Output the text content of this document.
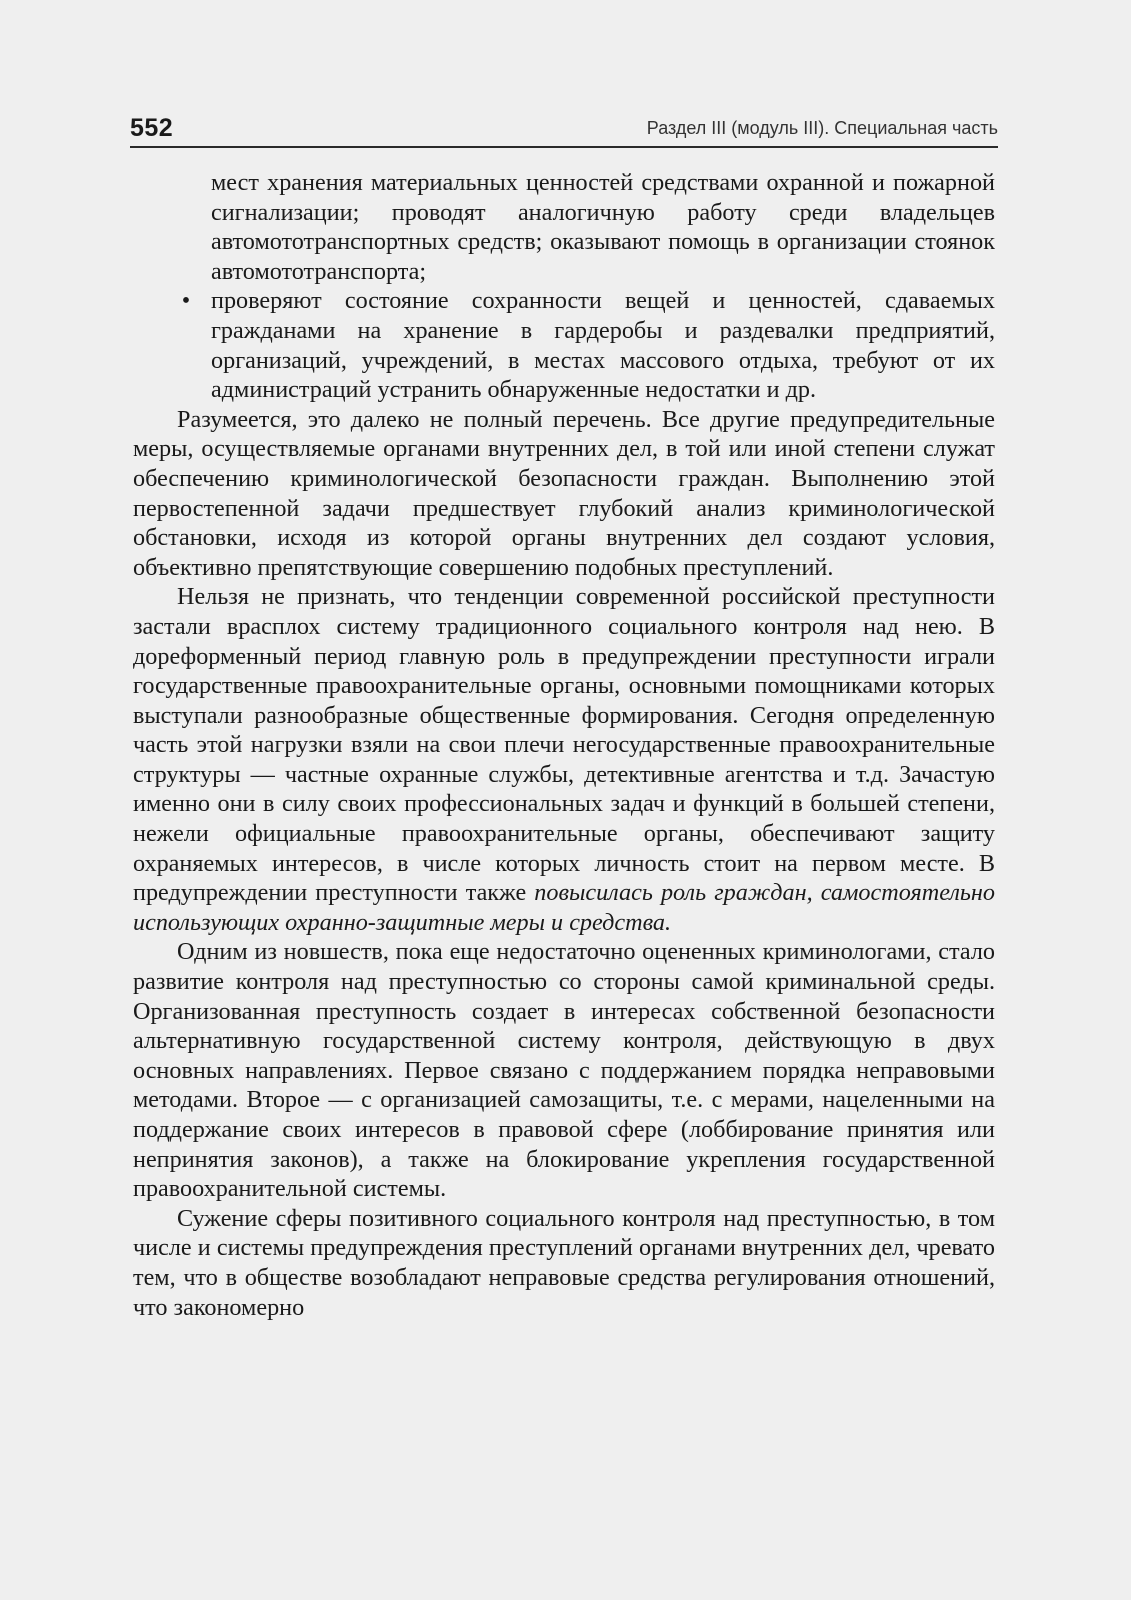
552	Раздел III (модуль III). Специальная часть

мест хранения материальных ценностей средствами охранной и пожарной сигнализации; проводят аналогичную работу среди владельцев автомототранспортных средств; оказывают помощь в организации стоянок автомототранспорта;

• проверяют состояние сохранности вещей и ценностей, сдаваемых гражданами на хранение в гардеробы и раздевалки предприятий, организаций, учреждений, в местах массового отдыха, требуют от их администраций устранить обнаруженные недостатки и др.

Разумеется, это далеко не полный перечень. Все другие предупредительные меры, осуществляемые органами внутренних дел, в той или иной степени служат обеспечению криминологической безопасности граждан. Выполнению этой первостепенной задачи предшествует глубокий анализ криминологической обстановки, исходя из которой органы внутренних дел создают условия, объективно препятствующие совершению подобных преступлений.

Нельзя не признать, что тенденции современной российской преступности застали врасплох систему традиционного социального контроля над нею. В дореформенный период главную роль в предупреждении преступности играли государственные правоохранительные органы, основными помощниками которых выступали разнообразные общественные формирования. Сегодня определенную часть этой нагрузки взяли на свои плечи негосударственные правоохранительные структуры — частные охранные службы, детективные агентства и т.д. Зачастую именно они в силу своих профессиональных задач и функций в большей степени, нежели официальные правоохранительные органы, обеспечивают защиту охраняемых интересов, в числе которых личность стоит на первом месте. В предупреждении преступности также повысилась роль граждан, самостоятельно использующих охранно-защитные меры и средства.

Одним из новшеств, пока еще недостаточно оцененных криминологами, стало развитие контроля над преступностью со стороны самой криминальной среды. Организованная преступность создает в интересах собственной безопасности альтернативную государственной систему контроля, действующую в двух основных направлениях. Первое связано с поддержанием порядка неправовыми методами. Второе — с организацией самозащиты, т.е. с мерами, нацеленными на поддержание своих интересов в правовой сфере (лоббирование принятия или непринятия законов), а также на блокирование укрепления государственной правоохранительной системы.

Сужение сферы позитивного социального контроля над преступностью, в том числе и системы предупреждения преступлений органами внутренних дел, чревато тем, что в обществе возобладают неправовые средства регулирования отношений, что закономерно
